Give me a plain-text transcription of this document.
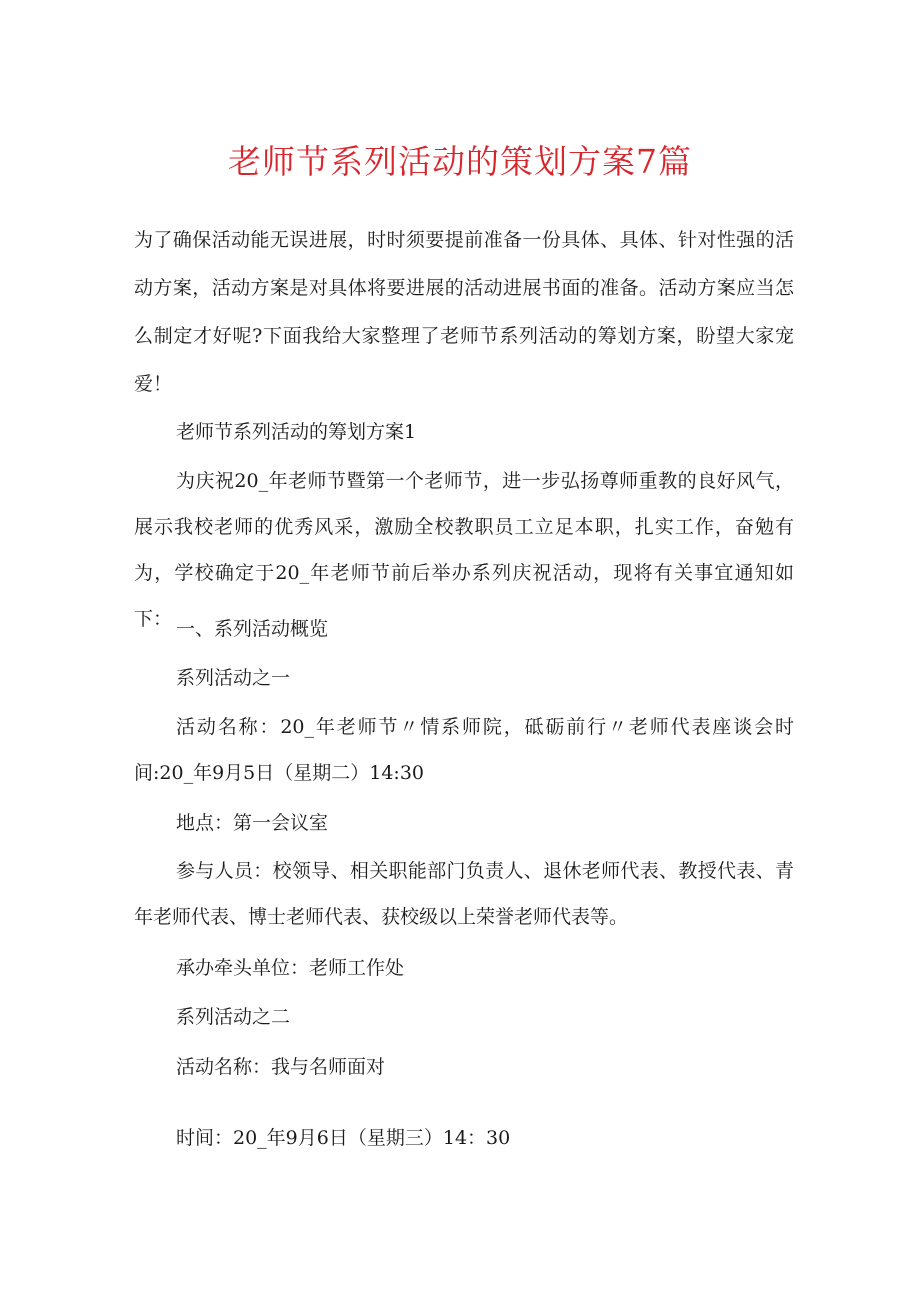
老师节系列活动的策划方案7篇
为了确保活动能无误进展，时时须要提前准备一份具体、具体、针对性强的活动方案，活动方案是对具体将要进展的活动进展书面的准备。活动方案应当怎么制定才好呢?下面我给大家整理了老师节系列活动的筹划方案，盼望大家宠爱！
老师节系列活动的筹划方案1
为庆祝20_年老师节暨第一个老师节，进一步弘扬尊师重教的良好风气，展示我校老师的优秀风采，激励全校教职员工立足本职，扎实工作，奋勉有为，学校确定于20_年老师节前后举办系列庆祝活动，现将有关事宜通知如下： 一、系列活动概览
系列活动之一
活动名称：20_年老师节〃情系师院，砥砺前行〃老师代表座谈会时间:20_年9月5日（星期二）14:30
地点：第一会议室
参与人员：校领导、相关职能部门负责人、退休老师代表、教授代表、青年老师代表、博士老师代表、获校级以上荣誉老师代表等。
承办牵头单位：老师工作处
系列活动之二
活动名称：我与名师面对
时间：20_年9月6日（星期三）14：30
